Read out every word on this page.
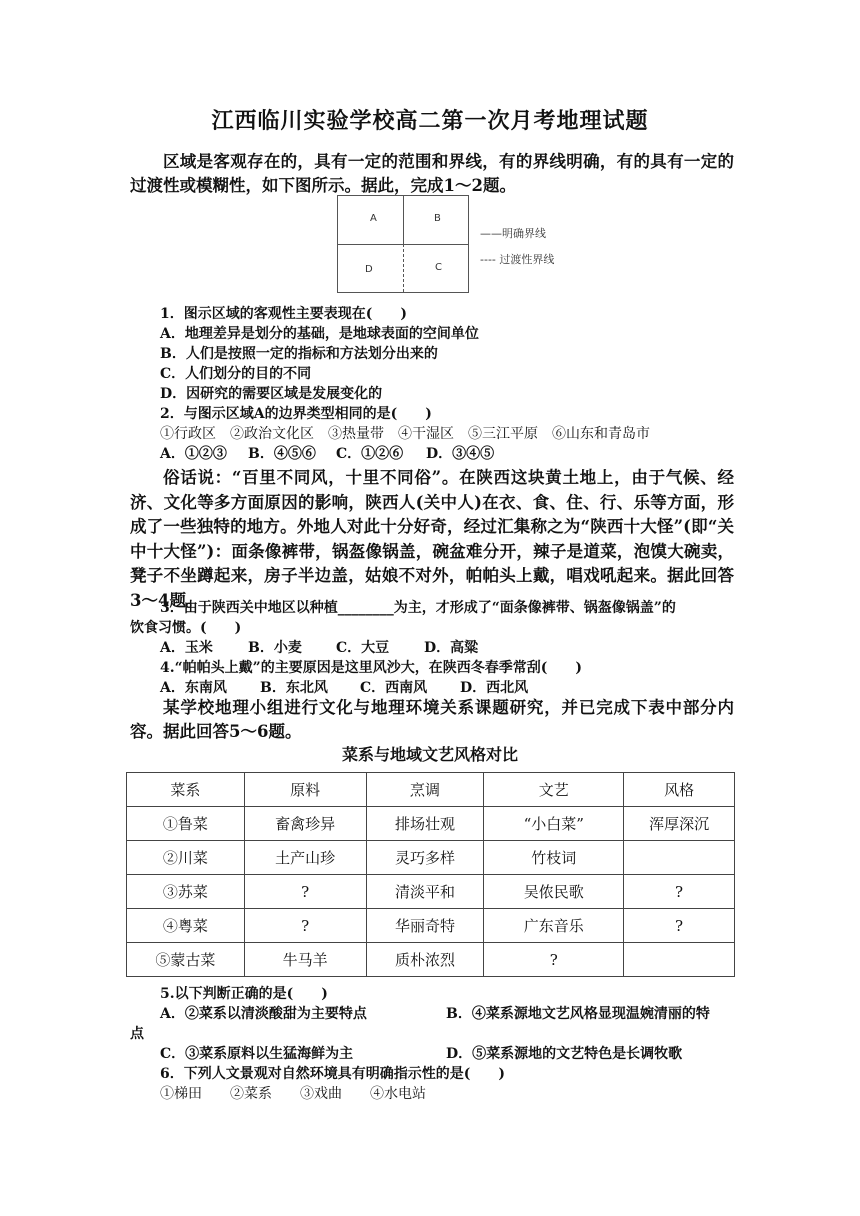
江西临川实验学校高二第一次月考地理试题

区域是客观存在的，具有一定的范围和界线，有的界线明确，有的具有一定的过渡性或模糊性，如下图所示。据此，完成1～2题。

A	B
D	C
——明确界线
---- 过渡性界线

1．图示区域的客观性主要表现在(　　)

A．地理差异是划分的基础，是地球表面的空间单位

B．人们是按照一定的指标和方法划分出来的

C．人们划分的目的不同

D．因研究的需要区域是发展变化的

2．与图示区域A的边界类型相同的是(　　)

①行政区　②政治文化区　③热量带　④干湿区　⑤三江平原　⑥山东和青岛市

A．①②③ B．④⑤⑥ C．①②⑥ D．③④⑤

俗话说：“百里不同风，十里不同俗”。在陕西这块黄土地上，由于气候、经济、文化等多方面原因的影响，陕西人(关中人)在衣、食、住、行、乐等方面，形成了一些独特的地方。外地人对此十分好奇，经过汇集称之为“陕西十大怪”(即“关中十大怪”)：面条像裤带，锅盔像锅盖，碗盆难分开，辣子是道菜，泡馍大碗卖，凳子不坐蹲起来，房子半边盖，姑娘不对外，帕帕头上戴，唱戏吼起来。据此回答3～4题。

3．由于陕西关中地区以种植________为主，才形成了“面条像裤带、锅盔像锅盖”的

饮食习惯。(　　)

A．玉米	B．小麦 C．大豆 D．高粱

4.“帕帕头上戴”的主要原因是这里风沙大，在陕西冬春季常刮(　　)

A．东南风 B．东北风 C．西南风 D．西北风

某学校地理小组进行文化与地理环境关系课题研究，并已完成下表中部分内容。据此回答5～6题。

菜系与地域文艺风格对比
菜系	原料	烹调	文艺	风格
①鲁菜	畜禽珍异	排场壮观	“小白菜”	浑厚深沉
②川菜	土产山珍	灵巧多样	竹枝词	
③苏菜	?	清淡平和	吴侬民歌	?
④粤菜	?	华丽奇特	广东音乐	?
⑤蒙古菜	牛马羊	质朴浓烈	?	

5.以下判断正确的是(　　)

A．②菜系以清淡酸甜为主要特点	B．④菜系源地文艺风格显现温婉清丽的特

点

C．③菜系原料以生猛海鲜为主	D．⑤菜系源地的文艺特色是长调牧歌

6．下列人文景观对自然环境具有明确指示性的是(　　)

①梯田　　②菜系　　③戏曲　　④水电站
